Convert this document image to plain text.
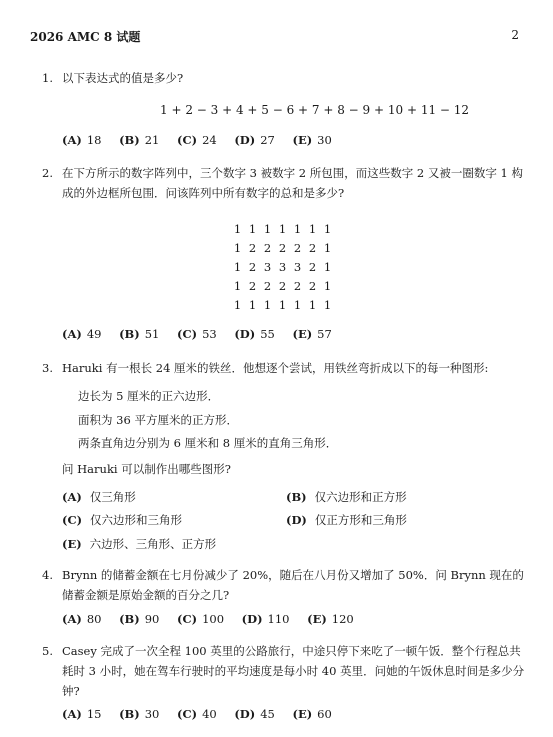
2026 AMC 8 试题	2
1. 以下表达式的值是多少?
1 + 2 − 3 + 4 + 5 − 6 + 7 + 8 − 9 + 10 + 11 − 12
(A) 18 (B) 21 (C) 24 (D) 27 (E) 30
2. 在下方所示的数字阵列中，三个数字 3 被数字 2 所包围，而这些数字 2 又被一圈数字 1 构
成的外边框所包围．问该阵列中所有数字的总和是多少?
1 1 1 1 1 1 1
1 2 2 2 2 2 1
1 2 3 3 3 2 1
1 2 2 2 2 2 1
1 1 1 1 1 1 1
(A) 49 (B) 51 (C) 53 (D) 55 (E) 57
3. Haruki 有一根长 24 厘米的铁丝．他想逐个尝试，用铁丝弯折成以下的每一种图形:
边长为 5 厘米的正六边形．
面积为 36 平方厘米的正方形．
两条直角边分别为 6 厘米和 8 厘米的直角三角形．
问 Haruki 可以制作出哪些图形?
(A) 仅三角形	(B) 仅六边形和正方形
(C) 仅六边形和三角形	(D) 仅正方形和三角形
(E) 六边形、三角形、正方形
4. Brynn 的储蓄金额在七月份减少了 20%，随后在八月份又增加了 50%．问 Brynn 现在的
储蓄金额是原始金额的百分之几?
(A) 80 (B) 90 (C) 100 (D) 110 (E) 120
5. Casey 完成了一次全程 100 英里的公路旅行，中途只停下来吃了一顿午饭．整个行程总共
耗时 3 小时，她在驾车行驶时的平均速度是每小时 40 英里．问她的午饭休息时间是多少分
钟?
(A) 15 (B) 30 (C) 40 (D) 45 (E) 60
